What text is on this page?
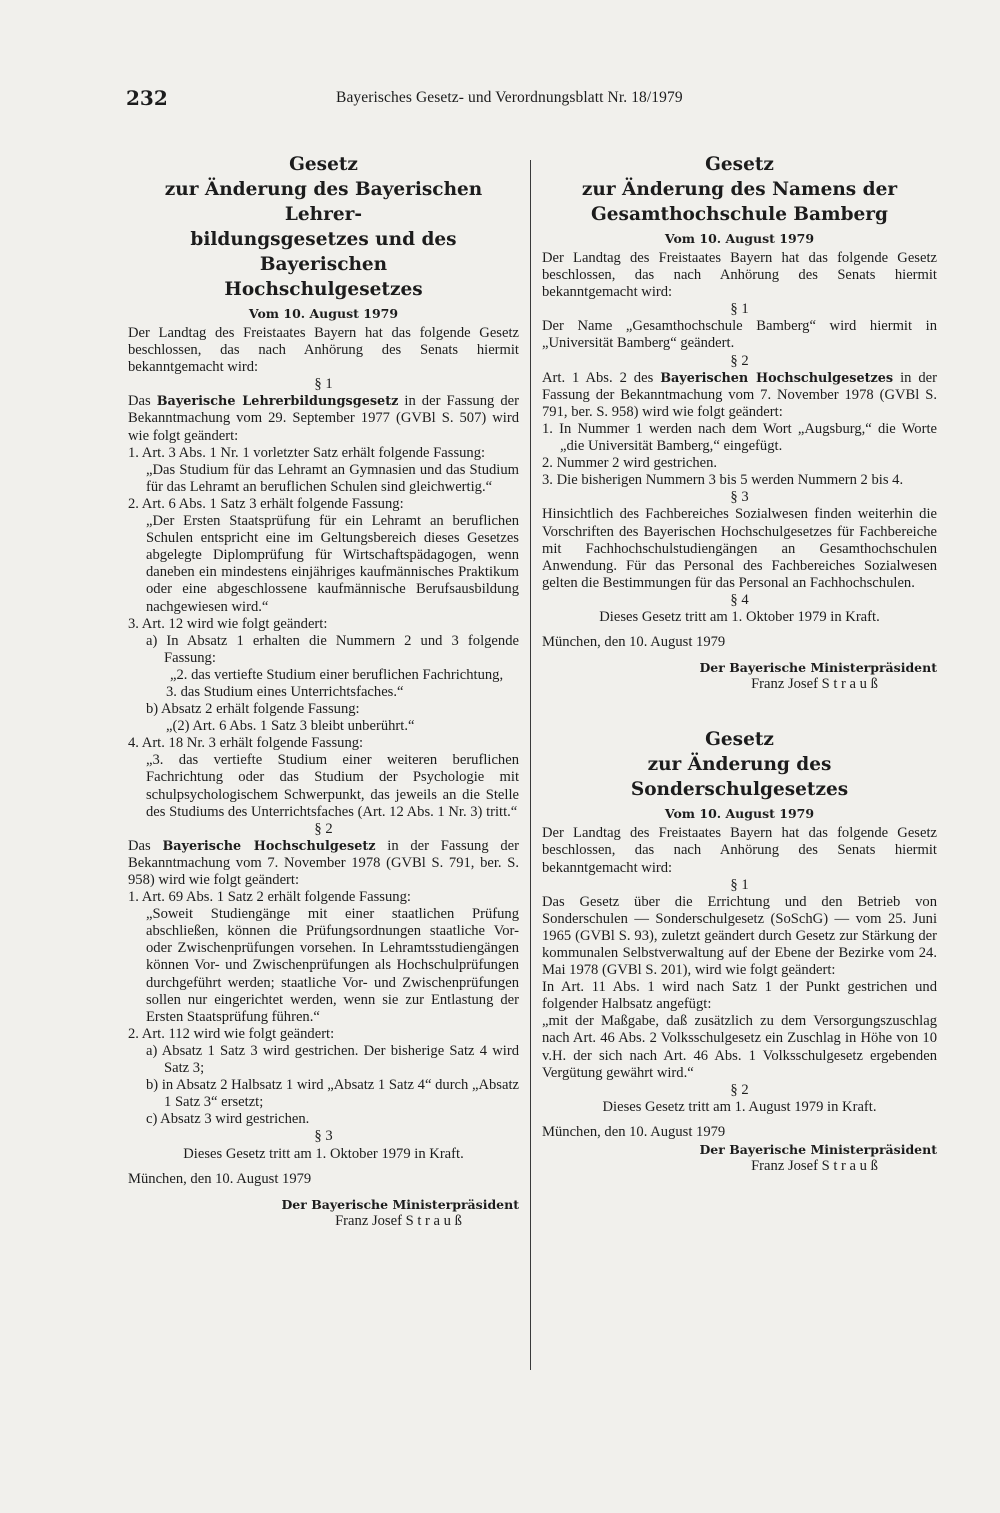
232	Bayerisches Gesetz- und Verordnungsblatt Nr. 18/1979
Gesetz
zur Änderung des Bayerischen Lehrer-
bildungsgesetzes und des Bayerischen
Hochschulgesetzes

Vom 10. August 1979

Der Landtag des Freistaates Bayern hat das folgende Gesetz beschlossen, das nach Anhörung des Senats hiermit bekanntgemacht wird:

§ 1

Das Bayerische Lehrerbildungsgesetz in der Fassung der Bekanntmachung vom 29. September 1977 (GVBl S. 507) wird wie folgt geändert:

1. Art. 3 Abs. 1 Nr. 1 vorletzter Satz erhält folgende Fassung:

„Das Studium für das Lehramt an Gymnasien und das Studium für das Lehramt an beruflichen Schulen sind gleichwertig.“

2. Art. 6 Abs. 1 Satz 3 erhält folgende Fassung:

„Der Ersten Staatsprüfung für ein Lehramt an beruflichen Schulen entspricht eine im Geltungsbereich dieses Gesetzes abgelegte Diplomprüfung für Wirtschaftspädagogen, wenn daneben ein mindestens einjähriges kaufmännisches Praktikum oder eine abgeschlossene kaufmännische Berufsausbildung nachgewiesen wird.“

3. Art. 12 wird wie folgt geändert:

a) In Absatz 1 erhalten die Nummern 2 und 3 folgende Fassung:

„2. das vertiefte Studium einer beruflichen Fachrichtung,

3. das Studium eines Unterrichtsfaches.“

b) Absatz 2 erhält folgende Fassung:

„(2) Art. 6 Abs. 1 Satz 3 bleibt unberührt.“

4. Art. 18 Nr. 3 erhält folgende Fassung:

„3. das vertiefte Studium einer weiteren beruflichen Fachrichtung oder das Studium der Psychologie mit schulpsychologischem Schwerpunkt, das jeweils an die Stelle des Studiums des Unterrichtsfaches (Art. 12 Abs. 1 Nr. 3) tritt.“

§ 2

Das Bayerische Hochschulgesetz in der Fassung der Bekanntmachung vom 7. November 1978 (GVBl S. 791, ber. S. 958) wird wie folgt geändert:

1. Art. 69 Abs. 1 Satz 2 erhält folgende Fassung:

„Soweit Studiengänge mit einer staatlichen Prüfung abschließen, können die Prüfungsordnungen staatliche Vor- oder Zwischenprüfungen vorsehen. In Lehramtsstudiengängen können Vor- und Zwischenprüfungen als Hochschulprüfungen durchgeführt werden; staatliche Vor- und Zwischenprüfungen sollen nur eingerichtet werden, wenn sie zur Entlastung der Ersten Staatsprüfung führen.“

2. Art. 112 wird wie folgt geändert:

a) Absatz 1 Satz 3 wird gestrichen. Der bisherige Satz 4 wird Satz 3;

b) in Absatz 2 Halbsatz 1 wird „Absatz 1 Satz 4“ durch „Absatz 1 Satz 3“ ersetzt;

c) Absatz 3 wird gestrichen.

§ 3

Dieses Gesetz tritt am 1. Oktober 1979 in Kraft.

München, den 10. August 1979

Der Bayerische Ministerpräsident

Franz Josef S t r a u ß

Gesetz
zur Änderung des Namens der
Gesamthochschule Bamberg

Vom 10. August 1979

Der Landtag des Freistaates Bayern hat das folgende Gesetz beschlossen, das nach Anhörung des Senats hiermit bekanntgemacht wird:

§ 1

Der Name „Gesamthochschule Bamberg“ wird hiermit in „Universität Bamberg“ geändert.

§ 2

Art. 1 Abs. 2 des Bayerischen Hochschulgesetzes in der Fassung der Bekanntmachung vom 7. November 1978 (GVBl S. 791, ber. S. 958) wird wie folgt geändert:

1. In Nummer 1 werden nach dem Wort „Augsburg,“ die Worte „die Universität Bamberg,“ eingefügt.

2. Nummer 2 wird gestrichen.

3. Die bisherigen Nummern 3 bis 5 werden Nummern 2 bis 4.

§ 3

Hinsichtlich des Fachbereiches Sozialwesen finden weiterhin die Vorschriften des Bayerischen Hochschulgesetzes für Fachbereiche mit Fachhochschulstudiengängen an Gesamthochschulen Anwendung. Für das Personal des Fachbereiches Sozialwesen gelten die Bestimmungen für das Personal an Fachhochschulen.

§ 4

Dieses Gesetz tritt am 1. Oktober 1979 in Kraft.

München, den 10. August 1979

Der Bayerische Ministerpräsident

Franz Josef S t r a u ß

Gesetz
zur Änderung des Sonderschulgesetzes

Vom 10. August 1979

Der Landtag des Freistaates Bayern hat das folgende Gesetz beschlossen, das nach Anhörung des Senats hiermit bekanntgemacht wird:

§ 1

Das Gesetz über die Errichtung und den Betrieb von Sonderschulen — Sonderschulgesetz (SoSchG) — vom 25. Juni 1965 (GVBl S. 93), zuletzt geändert durch Gesetz zur Stärkung der kommunalen Selbstverwaltung auf der Ebene der Bezirke vom 24. Mai 1978 (GVBl S. 201), wird wie folgt geändert:

In Art. 11 Abs. 1 wird nach Satz 1 der Punkt gestrichen und folgender Halbsatz angefügt:

„mit der Maßgabe, daß zusätzlich zu dem Versorgungszuschlag nach Art. 46 Abs. 2 Volksschulgesetz ein Zuschlag in Höhe von 10 v.H. der sich nach Art. 46 Abs. 1 Volksschulgesetz ergebenden Vergütung gewährt wird.“

§ 2

Dieses Gesetz tritt am 1. August 1979 in Kraft.

München, den 10. August 1979

Der Bayerische Ministerpräsident

Franz Josef S t r a u ß
